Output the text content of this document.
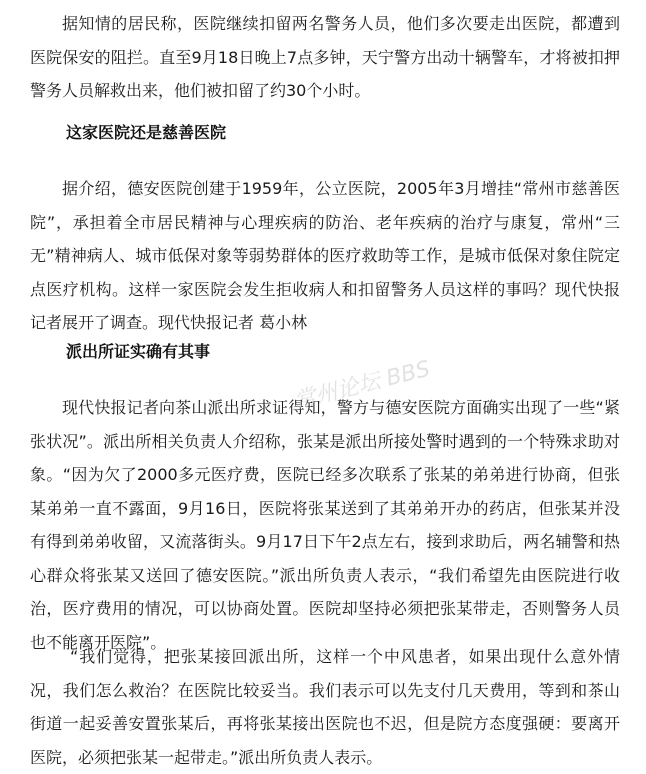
据知情的居民称，医院继续扣留两名警务人员，他们多次要走出医院，都遭到医院保安的阻拦。直至9月18日晚上7点多钟，天宁警方出动十辆警车，才将被扣押警务人员解救出来，他们被扣留了约30个小时。

这家医院还是慈善医院

据介绍，德安医院创建于1959年，公立医院，2005年3月增挂“常州市慈善医院”，承担着全市居民精神与心理疾病的防治、老年疾病的治疗与康复，常州“三无”精神病人、城市低保对象等弱势群体的医疗救助等工作，是城市低保对象住院定点医疗机构。这样一家医院会发生拒收病人和扣留警务人员这样的事吗？现代快报记者展开了调查。现代快报记者 葛小林

派出所证实确有其事

现代快报记者向茶山派出所求证得知，警方与德安医院方面确实出现了一些“紧张状况”。派出所相关负责人介绍称，张某是派出所接处警时遇到的一个特殊求助对象。“因为欠了2000多元医疗费，医院已经多次联系了张某的弟弟进行协商，但张某弟弟一直不露面，9月16日，医院将张某送到了其弟弟开办的药店，但张某并没有得到弟弟收留，又流落街头。9月17日下午2点左右，接到求助后，两名辅警和热心群众将张某又送回了德安医院。”派出所负责人表示，“我们希望先由医院进行收治，医疗费用的情况，可以协商处置。医院却坚持必须把张某带走，否则警务人员也不能离开医院”。

“我们觉得，把张某接回派出所，这样一个中风患者，如果出现什么意外情况，我们怎么救治？在医院比较妥当。我们表示可以先支付几天费用，等到和茶山街道一起妥善安置张某后，再将张某接出医院也不迟，但是院方态度强硬：要离开医院，必须把张某一起带走。”派出所负责人表示。

常州论坛 BBS
